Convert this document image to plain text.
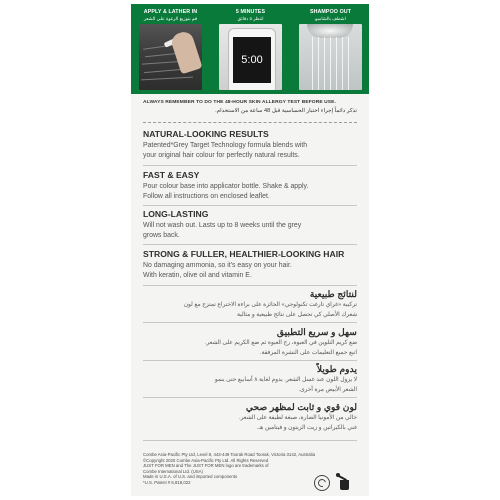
APPLY & LATHER IN
قم بتوزيع الرغوة على الشعر
5 MINUTES
انتظر ٥ دقائق
SHAMPOO OUT
اشطف بالشامبو
5:00
ALWAYS REMEMBER TO DO THE 48-HOUR SKIN ALLERGY TEST BEFORE USE.
تذكر دائماً إجراء اختبار الحساسية قبل 48 ساعة من الاستخدام.
NATURAL-LOOKING RESULTS
Patented*Grey Target Technology formula blends with
your original hair colour for perfectly natural results.
FAST & EASY
Pour colour base into applicator bottle. Shake & apply.
Follow all instructions on enclosed leaflet.
LONG-LASTING
Will not wash out. Lasts up to 8 weeks until the grey
grows back.
STRONG & FULLER, HEALTHIER-LOOKING HAIR
No damaging ammonia, so it's easy on your hair.
With keratin, olive oil and vitamin E.
لنتائج طبيعية
تركيبة «غراي تارغت تكنولوجي» الحائزة على براءة الاختراع تمتزج مع لون
شعرك الأصلي كي تحصل على نتائج طبيعية و مثالية
سهل و سريع التطبيق
ضع كريم التلوين في العبوة، رج العبوة ثم ضع الكريم على الشعر.
اتبع جميع التعليمات على النشرة المرفقة.
يدوم طويلاً
لا يزول اللون عند غسل الشعر. يدوم لغاية ٨ أسابيع حتى ينمو
الشعر الأبيض مرة أخرى.
لون قوي و ثابت لمظهر صحي
خالي من الأمونيا الضارة، صبغة لطيفة على الشعر.
غني بالكيراتين و زيت الزيتون و فيتامين هـ.
Combe Asia-Pacific Pty Ltd, Level 8, 443-449 Toorak Road Toorak, Victoria 3142, Australia
©Copyright 2020 Combe Asia-Pacific Pty Ltd. All Rights Reserved
JUST FOR MEN and The JUST FOR MEN logo are trademarks of
Combe International Ltd. (USA)
Made in U.S.A. of U.S. and imported components
*U.S. Patent # 6,818,022
